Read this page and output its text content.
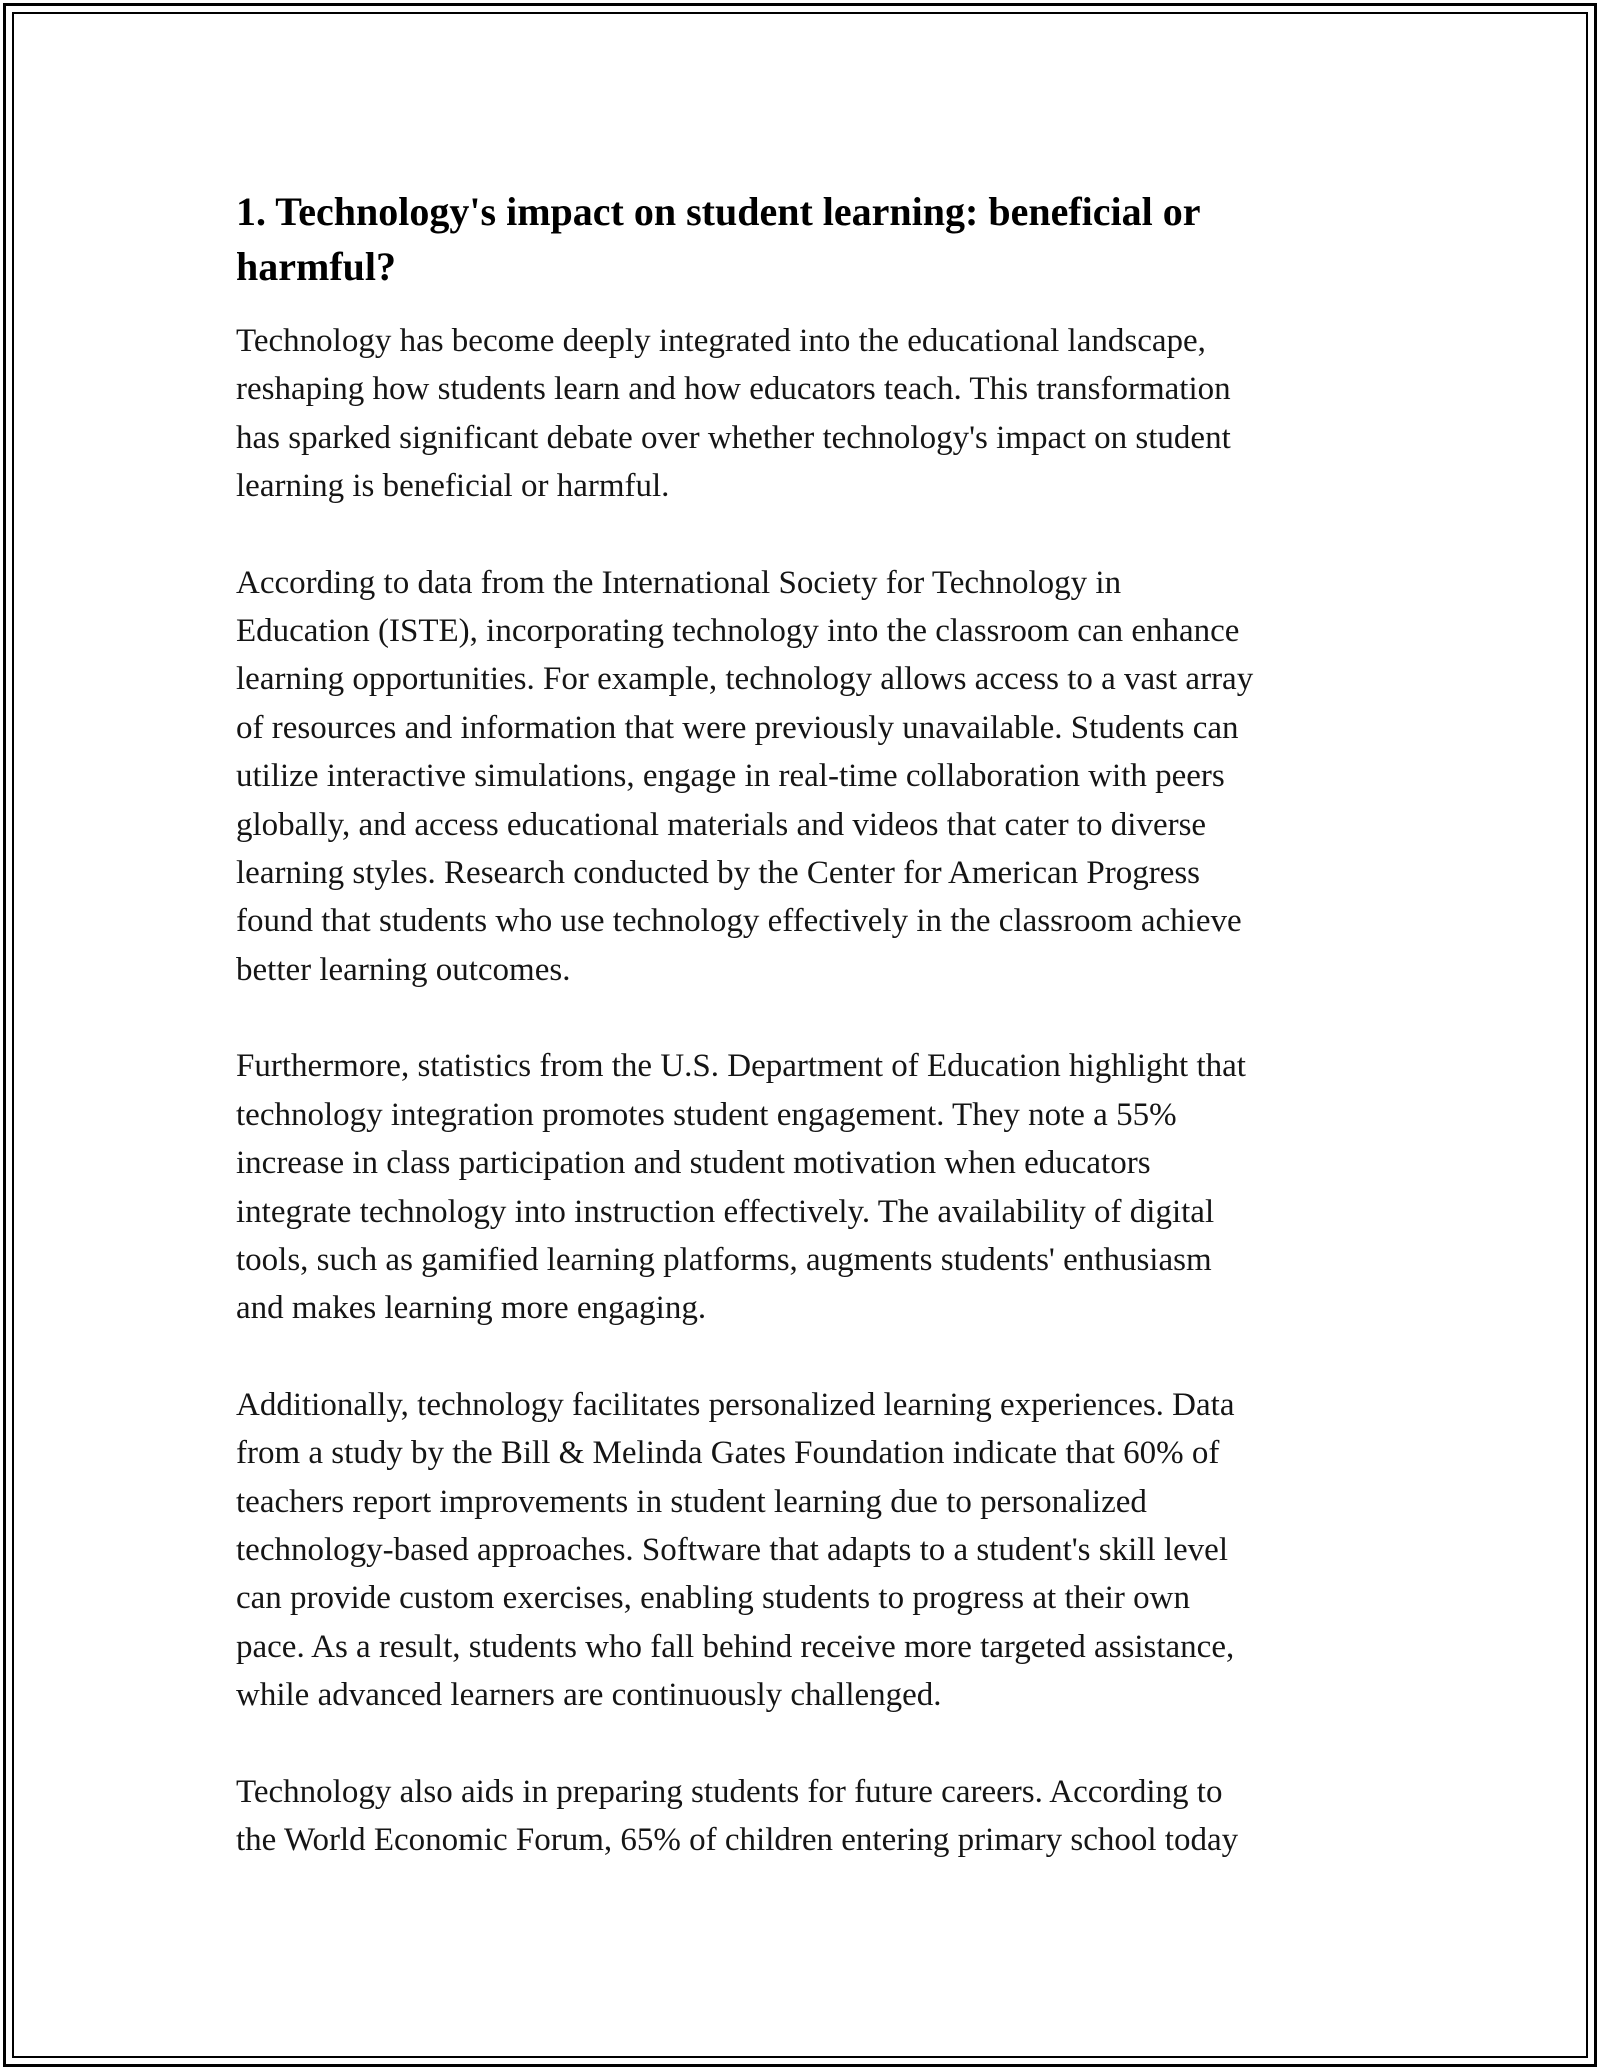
1. Technology's impact on student learning: beneficial or harmful?

Technology has become deeply integrated into the educational landscape,
reshaping how students learn and how educators teach. This transformation
has sparked significant debate over whether technology's impact on student
learning is beneficial or harmful.

According to data from the International Society for Technology in
Education (ISTE), incorporating technology into the classroom can enhance
learning opportunities. For example, technology allows access to a vast array
of resources and information that were previously unavailable. Students can
utilize interactive simulations, engage in real-time collaboration with peers
globally, and access educational materials and videos that cater to diverse
learning styles. Research conducted by the Center for American Progress
found that students who use technology effectively in the classroom achieve
better learning outcomes.

Furthermore, statistics from the U.S. Department of Education highlight that
technology integration promotes student engagement. They note a 55%
increase in class participation and student motivation when educators
integrate technology into instruction effectively. The availability of digital
tools, such as gamified learning platforms, augments students' enthusiasm
and makes learning more engaging.

Additionally, technology facilitates personalized learning experiences. Data
from a study by the Bill & Melinda Gates Foundation indicate that 60% of
teachers report improvements in student learning due to personalized
technology-based approaches. Software that adapts to a student's skill level
can provide custom exercises, enabling students to progress at their own
pace. As a result, students who fall behind receive more targeted assistance,
while advanced learners are continuously challenged.

Technology also aids in preparing students for future careers. According to
the World Economic Forum, 65% of children entering primary school today
